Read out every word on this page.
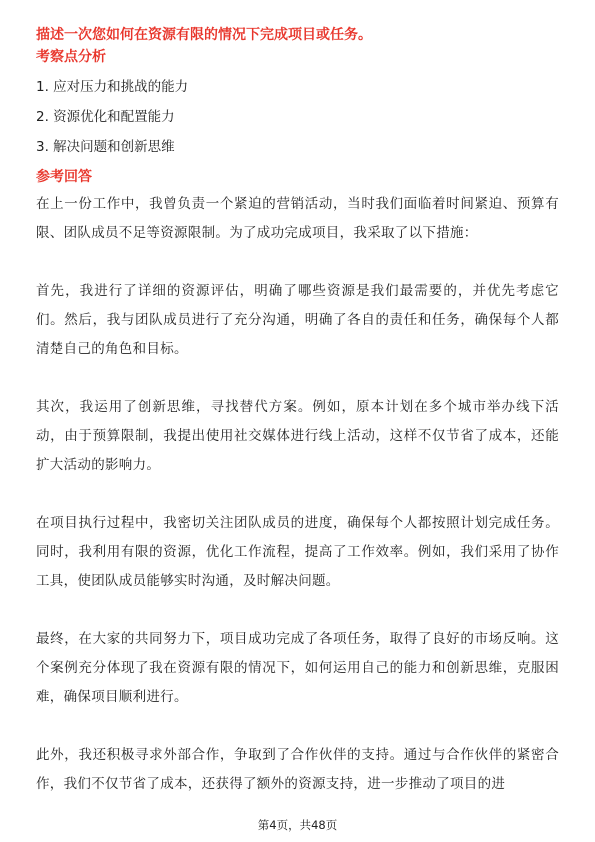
描述一次您如何在资源有限的情况下完成项目或任务。

考察点分析

1. 应对压力和挑战的能力
2. 资源优化和配置能力
3. 解决问题和创新思维

参考回答

在上一份工作中，我曾负责一个紧迫的营销活动，当时我们面临着时间紧迫、预算有限、团队成员不足等资源限制。为了成功完成项目，我采取了以下措施：

首先，我进行了详细的资源评估，明确了哪些资源是我们最需要的，并优先考虑它们。然后，我与团队成员进行了充分沟通，明确了各自的责任和任务，确保每个人都清楚自己的角色和目标。

其次，我运用了创新思维，寻找替代方案。例如，原本计划在多个城市举办线下活动，由于预算限制，我提出使用社交媒体进行线上活动，这样不仅节省了成本，还能扩大活动的影响力。

在项目执行过程中，我密切关注团队成员的进度，确保每个人都按照计划完成任务。同时，我利用有限的资源，优化工作流程，提高了工作效率。例如，我们采用了协作工具，使团队成员能够实时沟通，及时解决问题。

最终，在大家的共同努力下，项目成功完成了各项任务，取得了良好的市场反响。这个案例充分体现了我在资源有限的情况下，如何运用自己的能力和创新思维，克服困难，确保项目顺利进行。

此外，我还积极寻求外部合作，争取到了合作伙伴的支持。通过与合作伙伴的紧密合作，我们不仅节省了成本，还获得了额外的资源支持，进一步推动了项目的进

第4页，共48页
